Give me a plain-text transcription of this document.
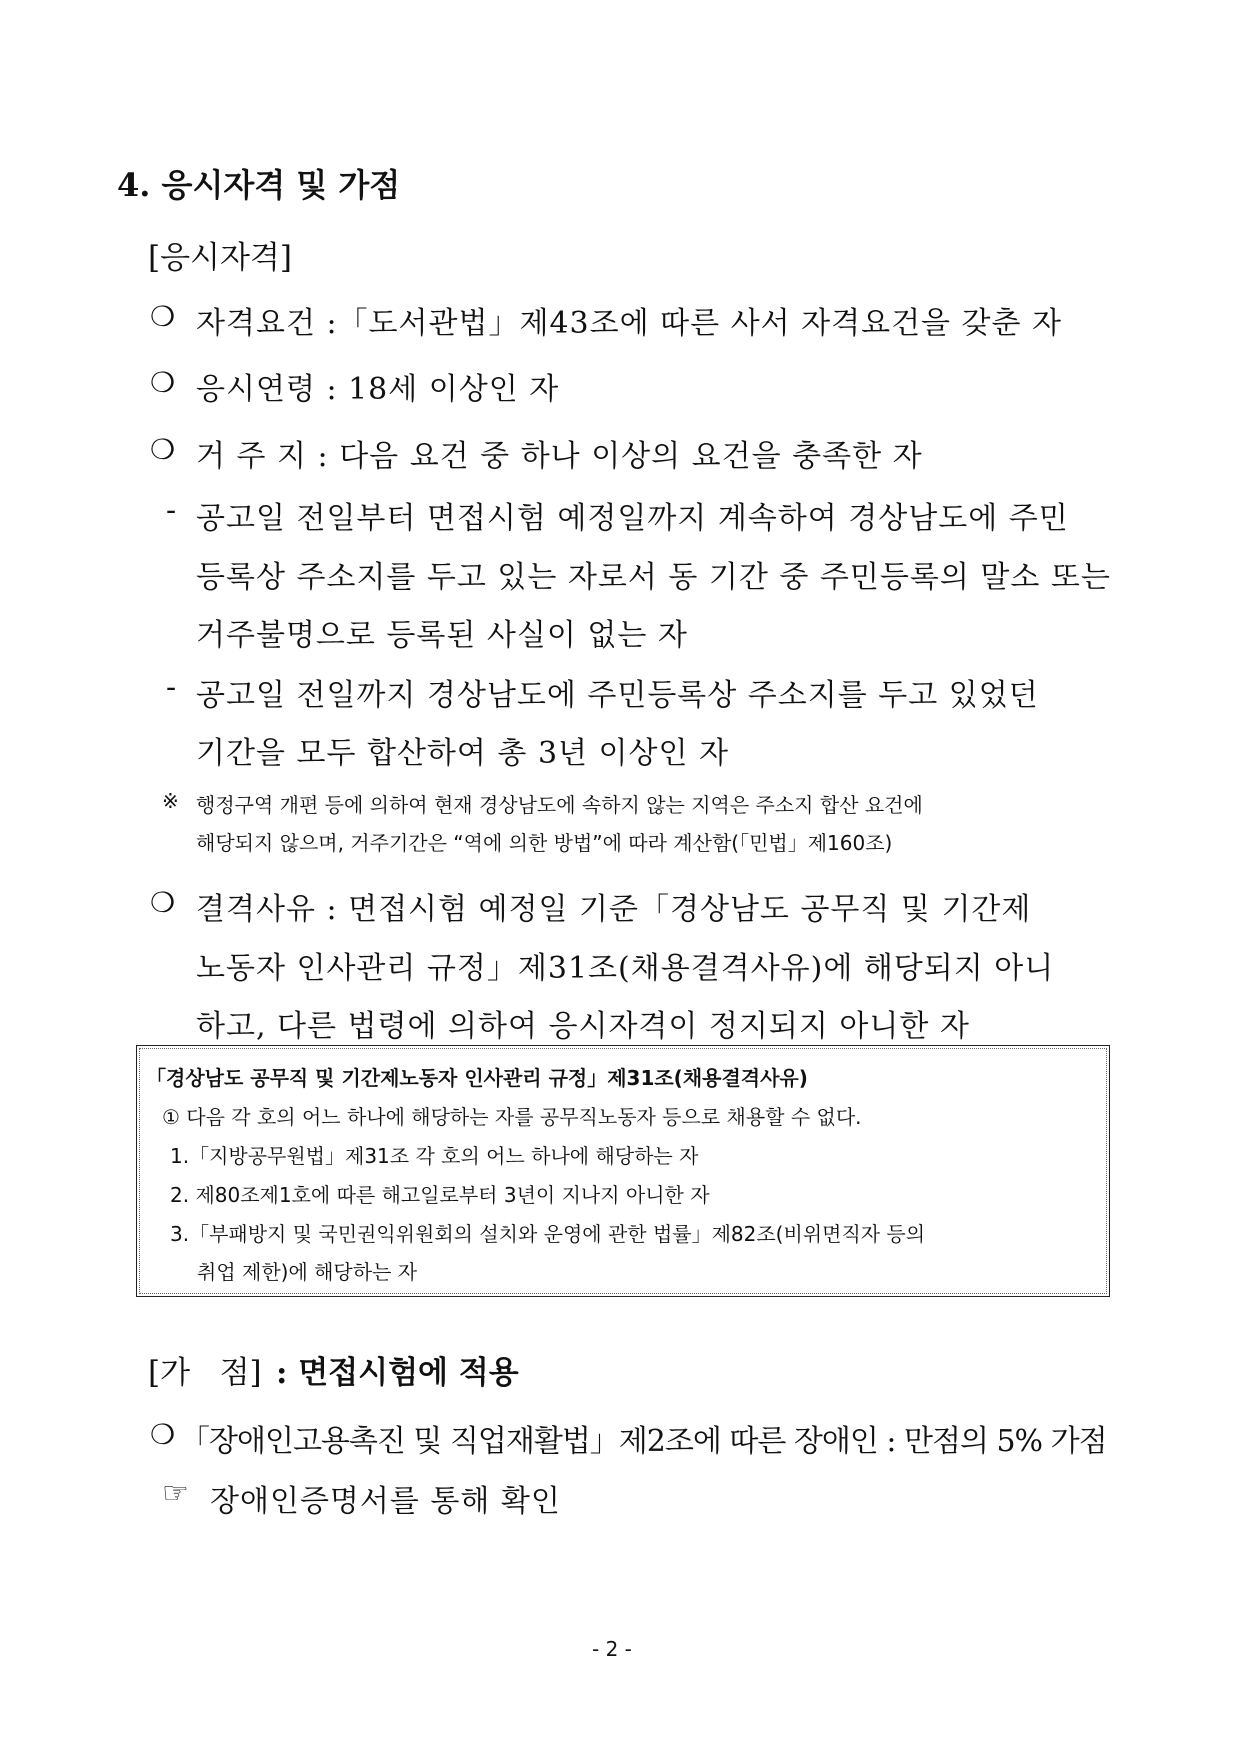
4. 응시자격 및 가점
[응시자격]
❍ 자격요건 :「도서관법」제43조에 따른 사서 자격요건을 갖춘 자
❍ 응시연령 : 18세 이상인 자
❍ 거 주 지 : 다음 요건 중 하나 이상의 요건을 충족한 자
- 공고일 전일부터 면접시험 예정일까지 계속하여 경상남도에 주민
등록상 주소지를 두고 있는 자로서 동 기간 중 주민등록의 말소 또는
거주불명으로 등록된 사실이 없는 자
- 공고일 전일까지 경상남도에 주민등록상 주소지를 두고 있었던
기간을 모두 합산하여 총 3년 이상인 자
※ 행정구역 개편 등에 의하여 현재 경상남도에 속하지 않는 지역은 주소지 합산 요건에
해당되지 않으며, 거주기간은 “역에 의한 방법”에 따라 계산함(「민법」제160조)
❍ 결격사유 : 면접시험 예정일 기준「경상남도 공무직 및 기간제
노동자 인사관리 규정」제31조(채용결격사유)에 해당되지 아니
하고, 다른 법령에 의하여 응시자격이 정지되지 아니한 자
「경상남도 공무직 및 기간제노동자 인사관리 규정」제31조(채용결격사유)
① 다음 각 호의 어느 하나에 해당하는 자를 공무직노동자 등으로 채용할 수 없다.
1.「지방공무원법」제31조 각 호의 어느 하나에 해당하는 자
2. 제80조제1호에 따른 해고일로부터 3년이 지나지 아니한 자
3.「부패방지 및 국민권익위원회의 설치와 운영에 관한 법률」제82조(비위면직자 등의
취업 제한)에 해당하는 자
[가   점] : 면접시험에 적용
❍ 「장애인고용촉진 및 직업재활법」제2조에 따른 장애인 : 만점의 5% 가점
☞ 장애인증명서를 통해 확인
- 2 -
